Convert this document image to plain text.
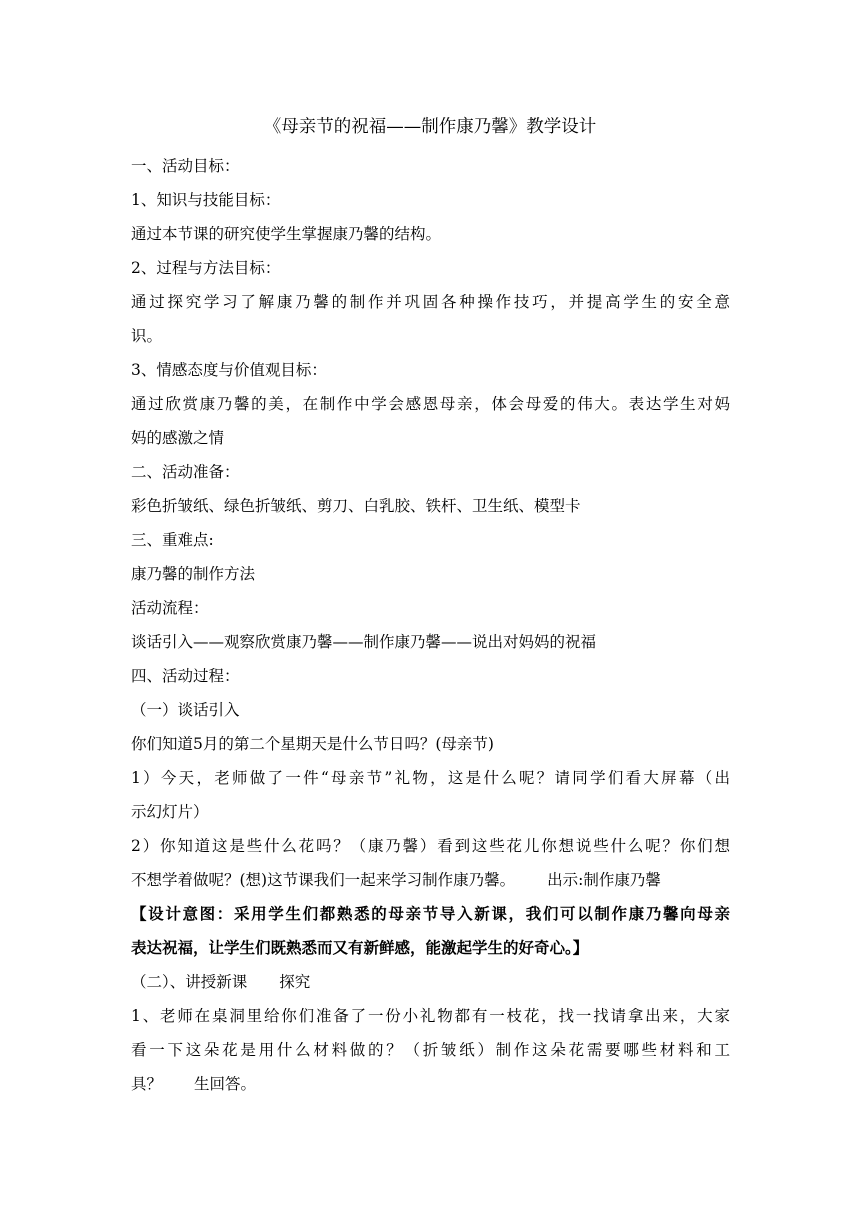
《母亲节的祝福——制作康乃馨》教学设计
一、活动目标：
1、知识与技能目标：
通过本节课的研究使学生掌握康乃馨的结构。
2、过程与方法目标：
通过探究学习了解康乃馨的制作并巩固各种操作技巧，并提高学生的安全意
识。
3、情感态度与价值观目标：
通过欣赏康乃馨的美，在制作中学会感恩母亲，体会母爱的伟大。表达学生对妈
妈的感激之情
二、活动准备：
彩色折皱纸、绿色折皱纸、剪刀、白乳胶、铁杆、卫生纸、模型卡
三、重难点:
康乃馨的制作方法
活动流程：
谈话引入——观察欣赏康乃馨——制作康乃馨——说出对妈妈的祝福
四、活动过程：
（一）谈话引入
你们知道5月的第二个星期天是什么节日吗？(母亲节)
1）今天，老师做了一件“母亲节”礼物，这是什么呢？请同学们看大屏幕（出
示幻灯片）
2）你知道这是些什么花吗？（康乃馨）看到这些花儿你想说些什么呢？你们想
不想学着做呢？(想)这节课我们一起来学习制作康乃馨。 出示:制作康乃馨
【设计意图：采用学生们都熟悉的母亲节导入新课，我们可以制作康乃馨向母亲
表达祝福，让学生们既熟悉而又有新鲜感，能激起学生的好奇心。】
（二）、讲授新课 探究
1、老师在桌洞里给你们准备了一份小礼物都有一枝花，找一找请拿出来，大家
看一下这朵花是用什么材料做的？（折皱纸）制作这朵花需要哪些材料和工
具？ 生回答。
